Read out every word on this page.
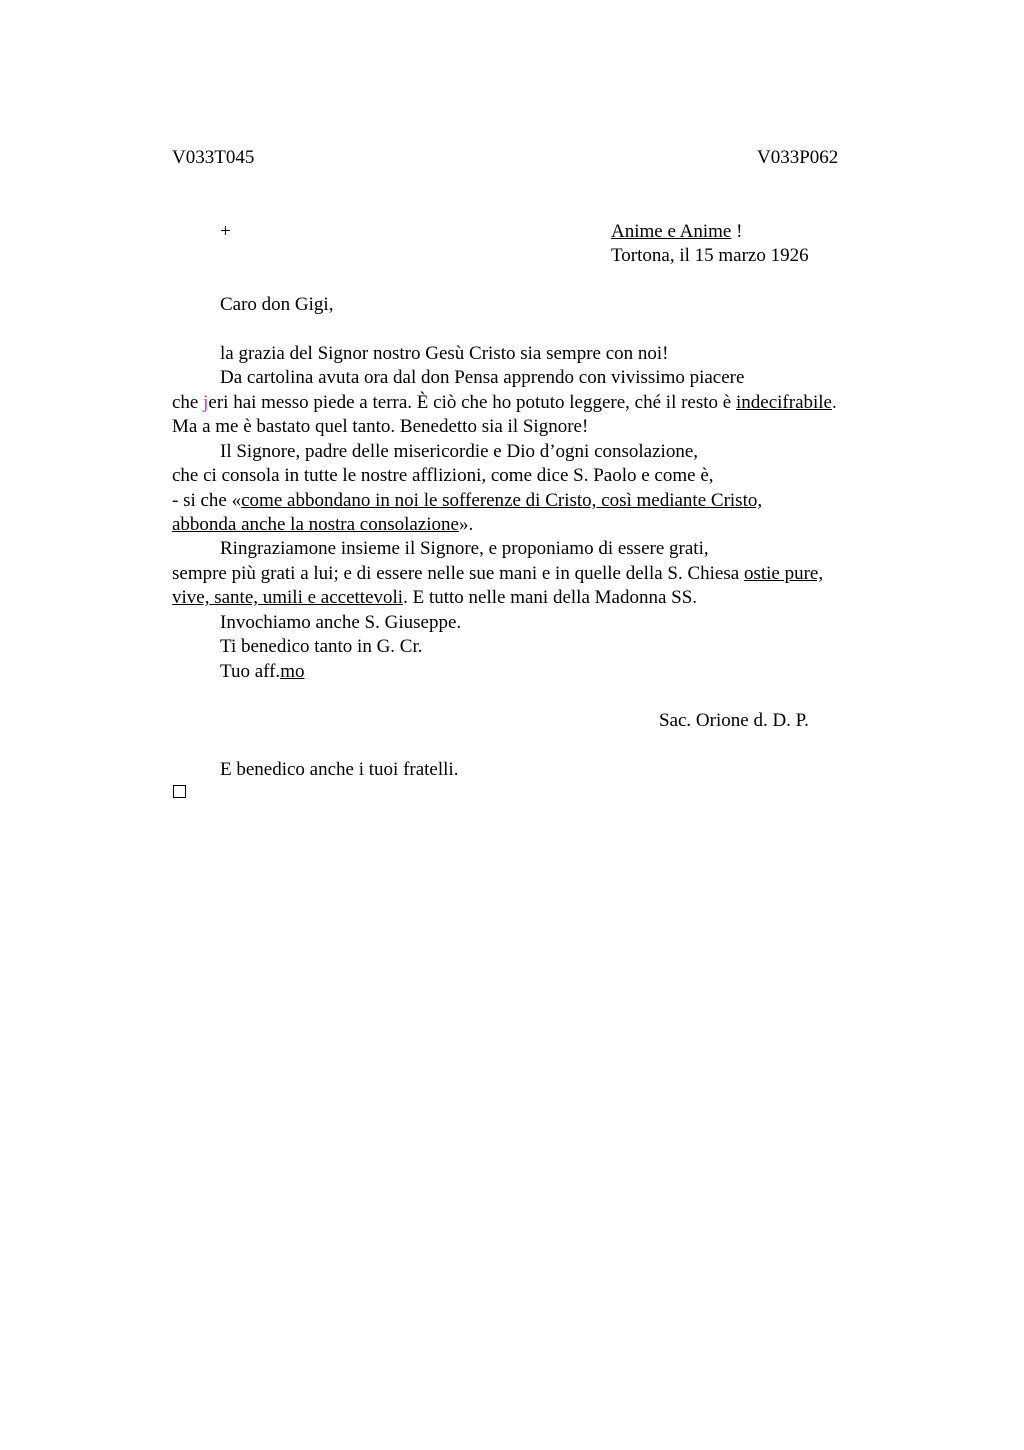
V033T045	V033P062
+	Anime e Anime !
Tortona, il 15 marzo 1926
Caro don Gigi,
la grazia del Signor nostro Gesù Cristo sia sempre con noi!
Da cartolina avuta ora dal don Pensa apprendo con vivissimo piacere
che jeri hai messo piede a terra. È ciò che ho potuto leggere, ché il resto è indecifrabile.
Ma a me è bastato quel tanto. Benedetto sia il Signore!
Il Signore, padre delle misericordie e Dio d’ogni consolazione,
che ci consola in tutte le nostre afflizioni, come dice S. Paolo e come è,
- si che «come abbondano in noi le sofferenze di Cristo, così mediante Cristo,
abbonda anche la nostra consolazione».
Ringraziamone insieme il Signore, e proponiamo di essere grati,
sempre più grati a lui; e di essere nelle sue mani e in quelle della S. Chiesa ostie pure,
vive, sante, umili e accettevoli. E tutto nelle mani della Madonna SS.
Invochiamo anche S. Giuseppe.
Ti benedico tanto in G. Cr.
Tuo aff.mo
Sac. Orione d. D. P.
E benedico anche i tuoi fratelli.
